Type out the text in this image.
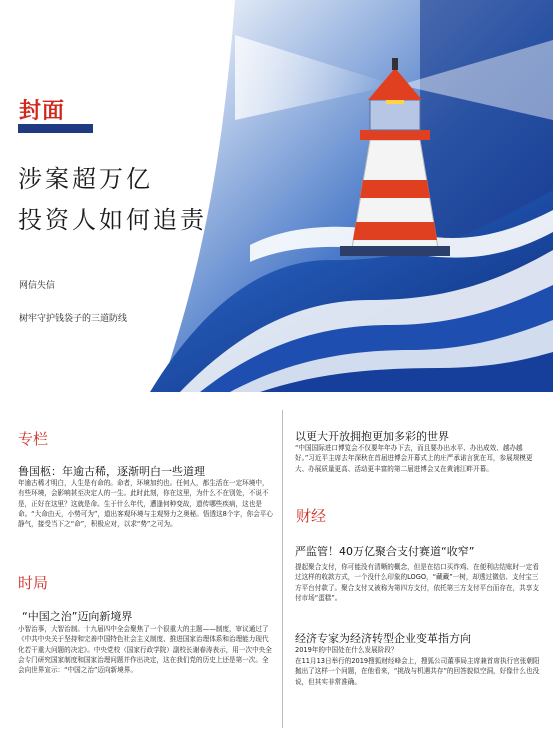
封面
涉案超万亿
投资人如何追责
网信失信
树牢守护钱袋子的三道防线
专栏
鲁国柩：年逾古稀，逐渐明白一些道理

年逾古稀才明白，人生是有命的。命者，环境加约也。任何人，都生活在一定环境中，有些环境，会影响甚至决定人的一生。此时此刻，你在这里，为什么不在别处，不说不是，正好在这里？这就是命。生于什么年代，遭逢何种变故，遗传哪些疾病，这也是命。“大命由天，小势可为”，道出客观环境与主观努力之奥秘。悟透这8个字，你会平心静气，接受当下之“命”，积极应对，以求“势”之可为。

时局
“中国之治”迈向新境界

小智治事，大智治制。十九届四中全会聚焦了一个很重大的主题——制度，审议通过了《中共中央关于坚持和完善中国特色社会主义制度、推进国家治理体系和治理能力现代化若干重大问题的决定》。中央党校（国家行政学院）副校长谢春涛表示，用一次中央全会专门研究国家制度和国家治理问题并作出决定，这在我们党的历史上还是第一次。全会向世界宣示：“中国之治”迈向新境界。

以更大开放拥抱更加多彩的世界

“中国国际进口博览会不仅要年年办下去，而且要办出水平、办出成效、越办越好。”习近平主席去年深秋在首届进博会开幕式上的庄严承诺言犹在耳，参展规模更大、办展质量更高、活动更丰富的第二届进博会又在黄浦江畔开幕。

财经
严监管！40万亿聚合支付赛道“收窄”

提起聚合支付，你可能没有清晰的概念，但是在结口买炸鸡、在便利店结账时一定看过这样的收款方式，一个没什么印象的LOGO，“藏藏”一树，却透过微信、支付宝三方平台付款了。聚合支付又被称为第四方支付，依托第三方支付平台而存在，共享支付市场“蛋糕”。

经济专家为经济转型企业变革指方向

2019年的中国处在什么发展阶段？

在11月13日举行的2019搜狐财经峰会上，搜狐公司董事局主席兼首席执行官张朝阳抛出了这样一个问题，在他看来，“挑战与机遇共存”的回答貌似空洞，好像什么也没说，但其实非常准确。
